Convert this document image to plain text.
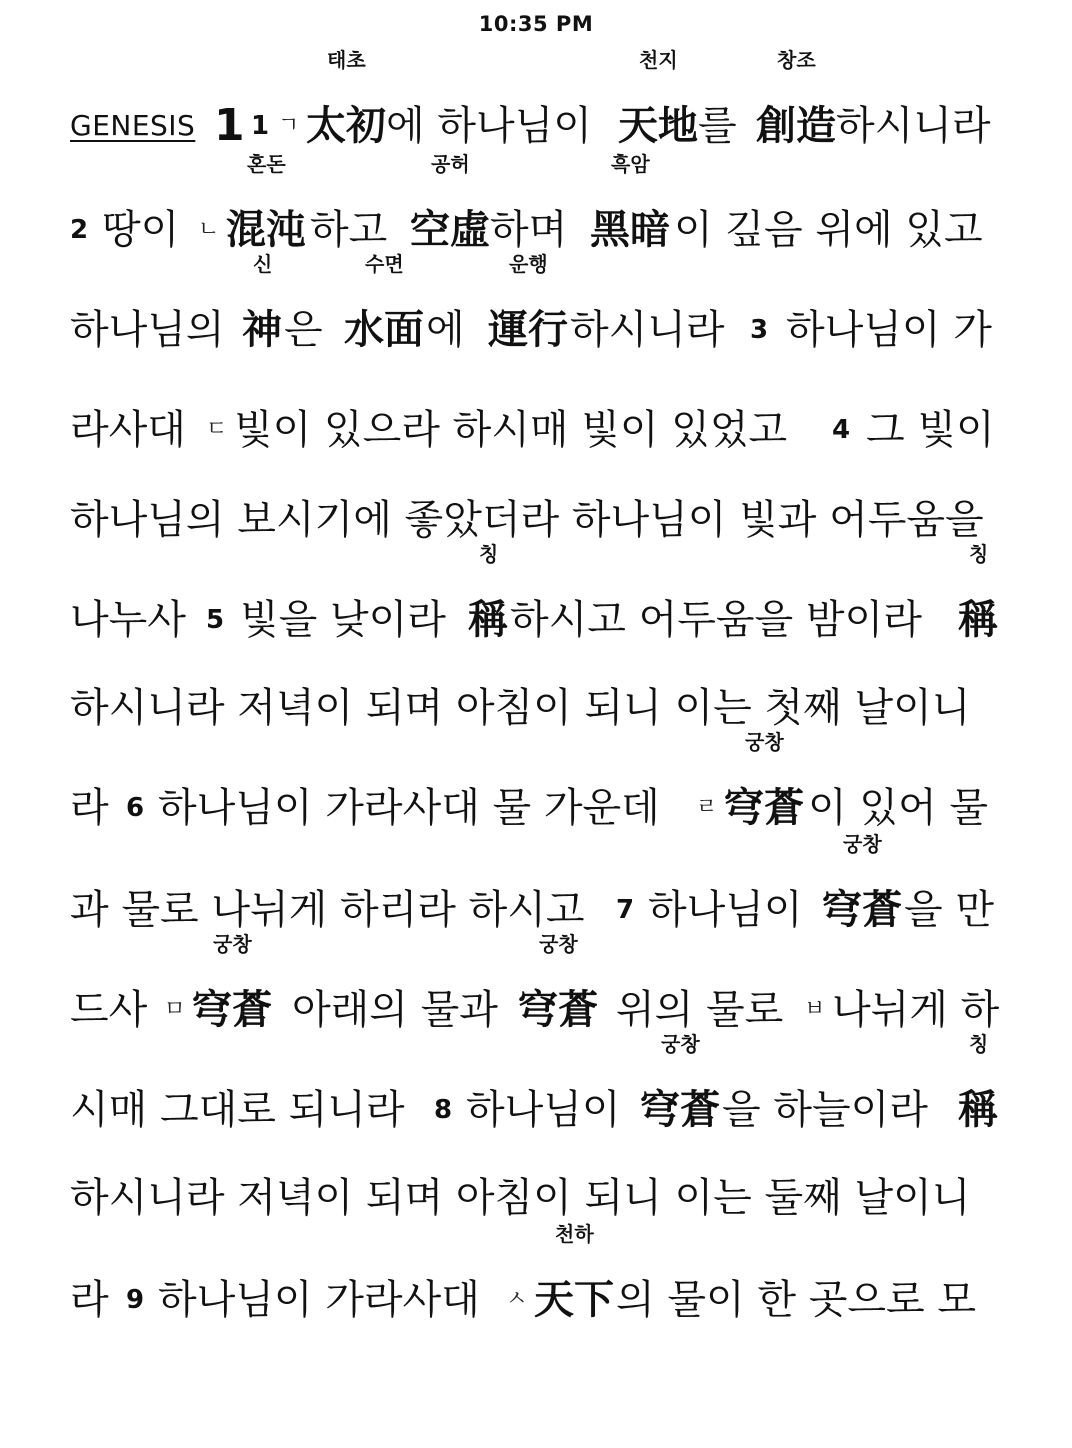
10:35 PM
GENESIS 1 1 ㄱ 太初
태초
에 하나님이 天地
천지
를 創造
창조
하시니라
2 땅이 ㄴ 混沌
혼돈
하고 空虛
공허
하며 黑暗
흑암
이 깊음 위에 있고
하나님의 神
신
은 水面
수면
에 運行
운행
하시니라 3 하나님이 가
라사대 ㄷ 빛이 있으라 하시매 빛이 있었고 4 그 빛이
하나님의 보시기에 좋았더라 하나님이 빛과 어두움을
나누사 5 빛을 낮이라 稱
칭
하시고 어두움을 밤이라 稱
칭
하시니라 저녁이 되며 아침이 되니 이는 첫째 날이니
라 6 하나님이 가라사대 물 가운데 ㄹ 穹蒼
궁창
이 있어 물
과 물로 나뉘게 하리라 하시고 7 하나님이 穹蒼
궁창
을 만
드사 ㅁ 穹蒼
궁창
아래의 물과 穹蒼
궁창
위의 물로 ㅂ 나뉘게 하
시매 그대로 되니라 8 하나님이 穹蒼
궁창
을 하늘이라 稱
칭
하시니라 저녁이 되며 아침이 되니 이는 둘째 날이니
라 9 하나님이 가라사대 ㅅ 天下
천하
의 물이 한 곳으로 모
